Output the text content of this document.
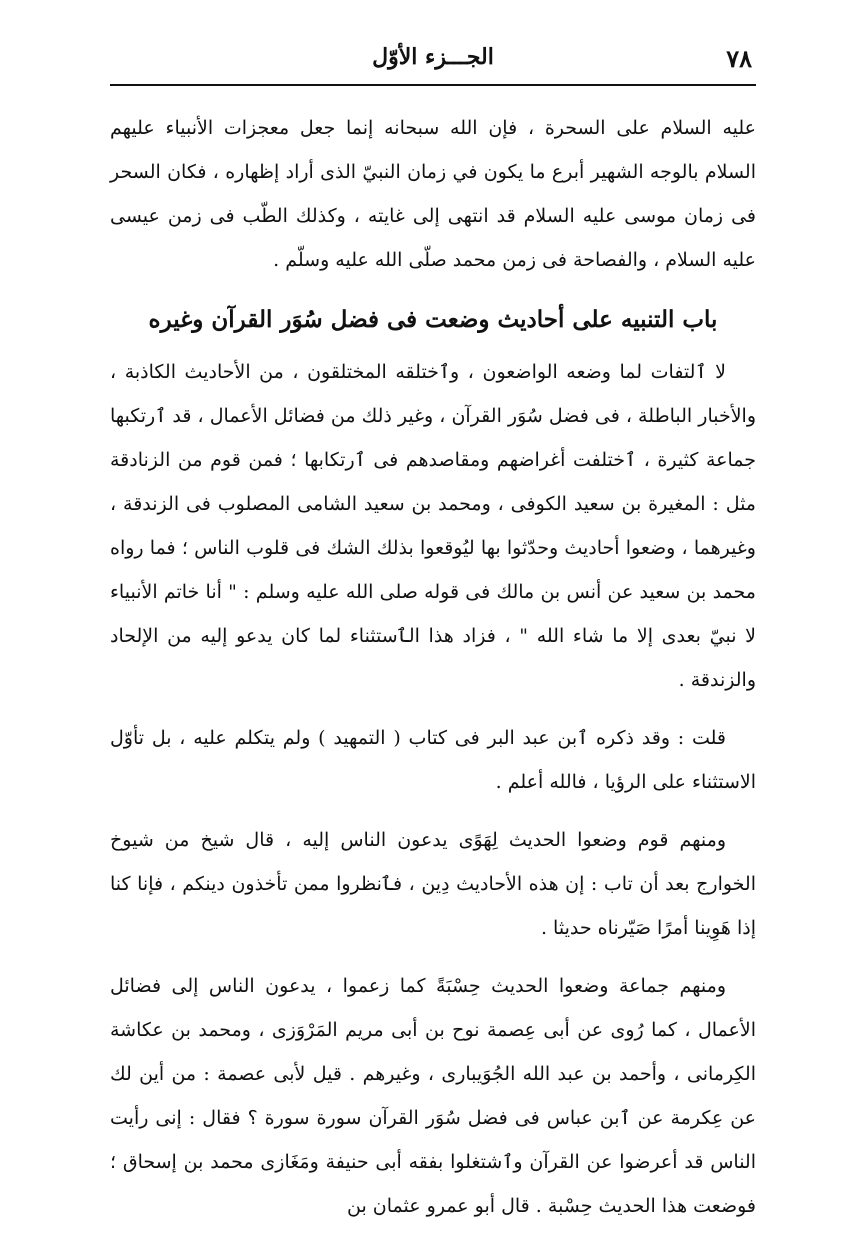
٧٨
الجـــزء الأوّل

عليه السلام على السحرة ، فإن الله سبحانه إنما جعل معجزات الأنبياء عليهم السلام بالوجه الشهير أبرع ما يكون في زمان النبيّ الذى أراد إظهاره ، فكان السحر فى زمان موسى عليه السلام قد انتهى إلى غايته ، وكذلك الطّب فى زمن عيسى عليه السلام ، والفصاحة فى زمن محمد صلّى الله عليه وسلّم .

باب التنبيه على أحاديث وضعت فى فضل سُوَر القرآن وغيره

لا ٱلتفات لما وضعه الواضعون ، وٱختلقه المختلقون ، من الأحاديث الكاذبة ، والأخبار الباطلة ، فى فضل سُوَر القرآن ، وغير ذلك من فضائل الأعمال ، قد ٱرتكبها جماعة كثيرة ، ٱختلفت أغراضهم ومقاصدهم فى ٱرتكابها ؛ فمن قوم من الزنادقة مثل : المغيرة بن سعيد الكوفى ، ومحمد بن سعيد الشامى المصلوب فى الزندقة ، وغيرهما ، وضعوا أحاديث وحدّثوا بها ليُوقعوا بذلك الشك فى قلوب الناس ؛ فما رواه محمد بن سعيد عن أنس بن مالك فى قوله صلى الله عليه وسلم : " أنا خاتم الأنبياء لا نبيّ بعدى إلا ما شاء الله " ، فزاد هذا الٱستثناء لما كان يدعو إليه من الإلحاد والزندقة .

قلت : وقد ذكره ٱبن عبد البر فى كتاب ( التمهيد ) ولم يتكلم عليه ، بل تأوّل الاستثناء على الرؤيا ، فالله أعلم .

ومنهم قوم وضعوا الحديث لِهَوًى يدعون الناس إليه ، قال شيخ من شيوخ الخوارج بعد أن تاب : إن هذه الأحاديث دِين ، فٱنظروا ممن تأخذون دينكم ، فإنا كنا إذا هَوِينا أمرًا صَيّرناه حديثا .

ومنهم جماعة وضعوا الحديث حِسْبَةً كما زعموا ، يدعون الناس إلى فضائل الأعمال ، كما رُوى عن أبى عِصمة نوح بن أبى مريم المَرْوَزى ، ومحمد بن عكاشة الكِرمانى ، وأحمد بن عبد الله الجُوَيبارى ، وغيرهم . قيل لأبى عصمة : من أين لك عن عِكرمة عن ٱبن عباس فى فضل سُوَر القرآن سورة سورة ؟ فقال : إنى رأيت الناس قد أعرضوا عن القرآن وٱشتغلوا بفقه أبى حنيفة ومَغَازى محمد بن إسحاق ؛ فوضعت هذا الحديث حِسْبة . قال أبو عمرو عثمان بن
